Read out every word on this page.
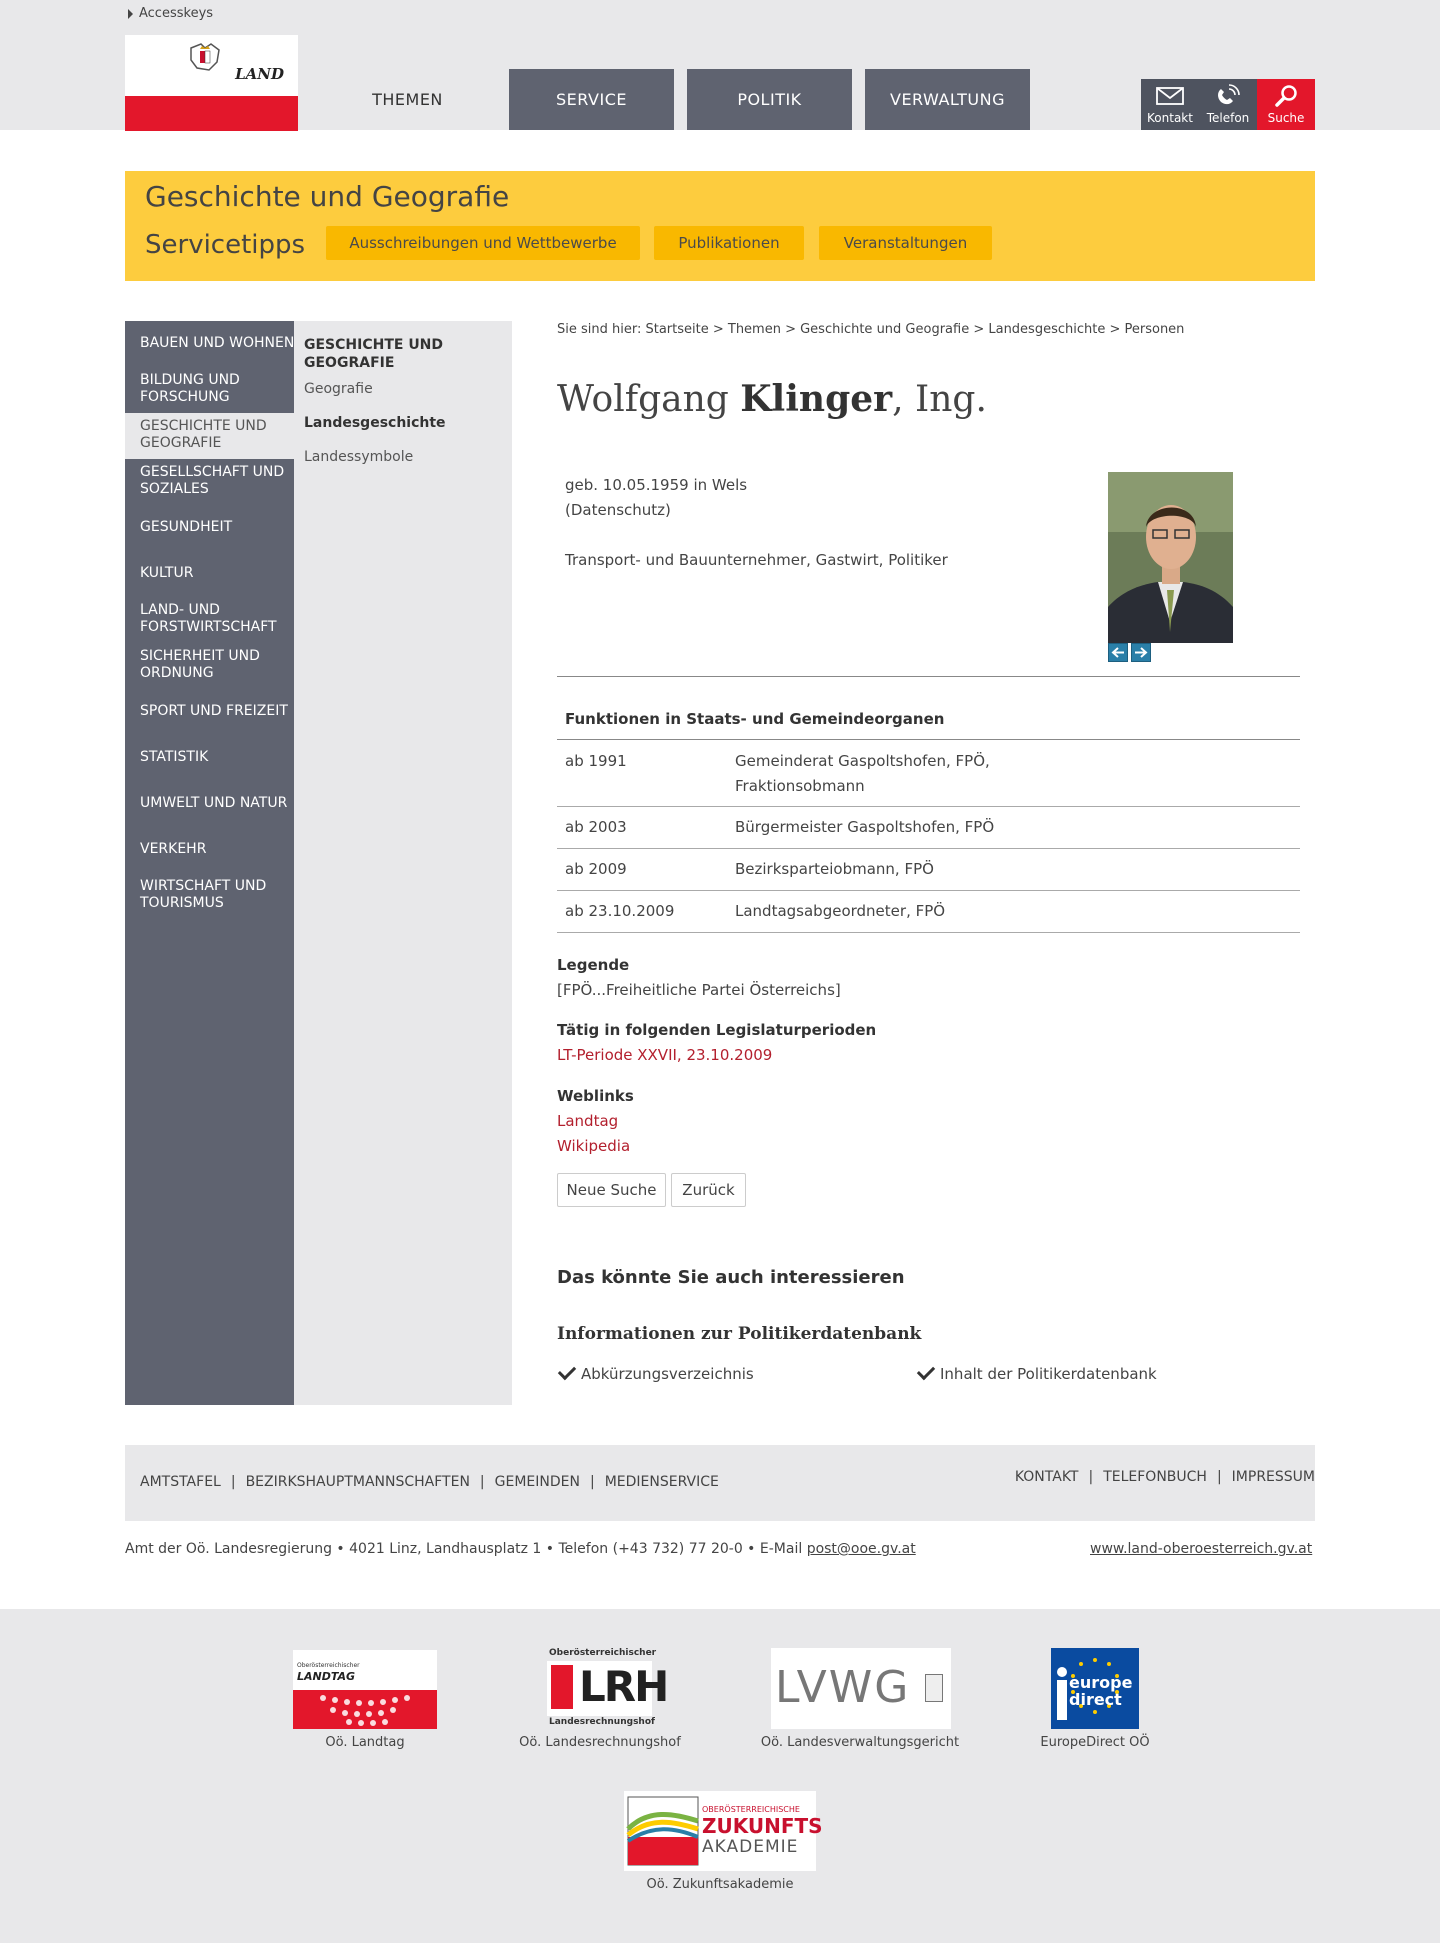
Accesskeys
LAND
OBERÖSTERREICH	THEMEN	SERVICE	POLITIK	VERWALTUNG
Kontakt	Telefon	Suche
Geschichte und Geografie
Servicetipps	Ausschreibungen und Wettbewerbe	Publikationen	Veranstaltungen
BAUEN UND WOHNEN
BILDUNG UND FORSCHUNG
GESCHICHTE UND GEOGRAFIE
GESELLSCHAFT UND SOZIALES
GESUNDHEIT
KULTUR
LAND- UND FORSTWIRTSCHAFT
SICHERHEIT UND ORDNUNG
SPORT UND FREIZEIT
STATISTIK
UMWELT UND NATUR
VERKEHR
WIRTSCHAFT UND TOURISMUS
GESCHICHTE UND GEOGRAFIE
Geografie
Landesgeschichte
Landessymbole
Sie sind hier: Startseite > Themen > Geschichte und Geografie > Landesgeschichte > Personen
Wolfgang Klinger, Ing.
geb. 10.05.1959 in Wels
(Datenschutz)
Transport- und Bauunternehmer, Gastwirt, Politiker
Funktionen in Staats- und Gemeindeorganen
ab 1991	Gemeinderat Gaspoltshofen, FPÖ,
Fraktionsobmann
ab 2003	Bürgermeister Gaspoltshofen, FPÖ
ab 2009	Bezirksparteiobmann, FPÖ
ab 23.10.2009	Landtagsabgeordneter, FPÖ
Legende
[FPÖ...Freiheitliche Partei Österreichs]
Tätig in folgenden Legislaturperioden
LT-Periode XXVII, 23.10.2009
Weblinks
Landtag
Wikipedia
Neue Suche	Zurück
Das könnte Sie auch interessieren
Informationen zur Politikerdatenbank
Abkürzungsverzeichnis	Inhalt der Politikerdatenbank
AMTSTAFEL | BEZIRKSHAUPTMANNSCHAFTEN | GEMEINDEN | MEDIENSERVICE	KONTAKT | TELEFONBUCH | IMPRESSUM
Amt der Oö. Landesregierung • 4021 Linz, Landhausplatz 1 • Telefon (+43 732) 77 20-0 • E-Mail post@ooe.gv.at	www.land-oberoesterreich.gv.at
Oberösterreichischer
LANDTAG
Oö. Landtag
Oberösterreichischer
LRH
Landesrechnungshof
Oö. Landesrechnungshof
LVWG
Oö. Landesverwaltungsgericht
europe direct
EuropeDirect OÖ
OBERÖSTERREICHISCHE
ZUKUNFTS
AKADEMIE
Oö. Zukunftsakademie
